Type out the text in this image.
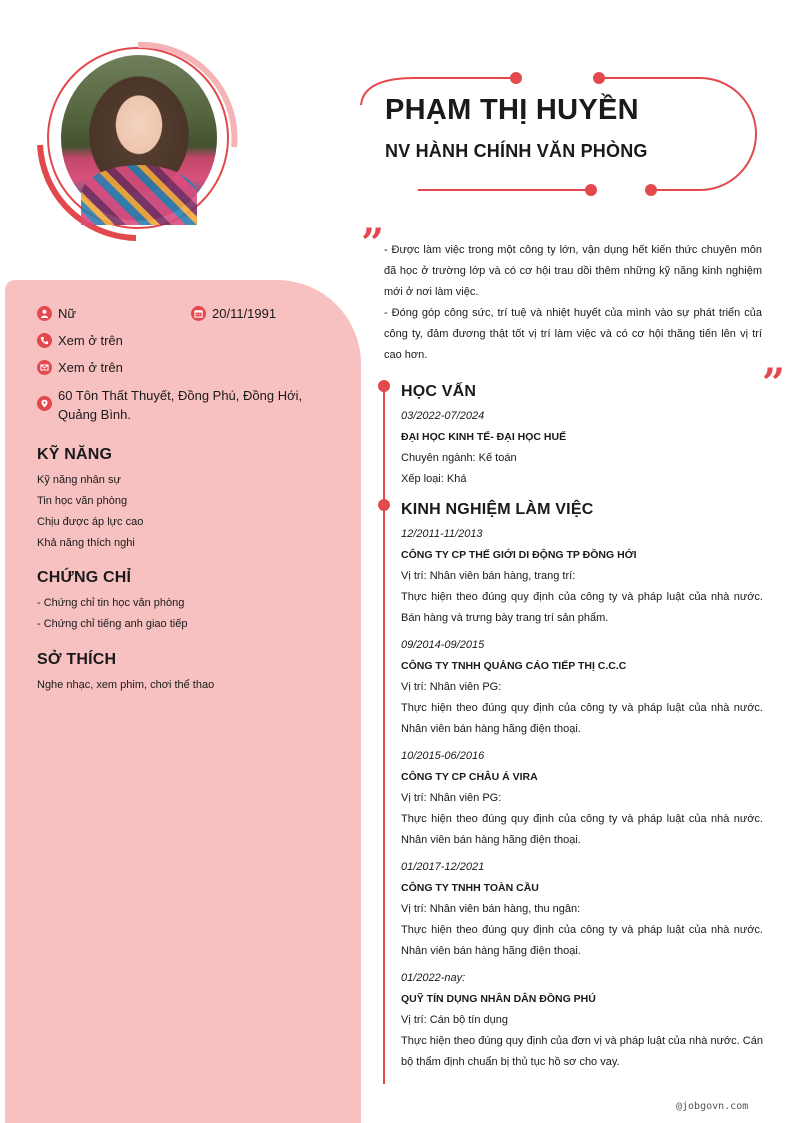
PHẠM THỊ HUYỀN
NV HÀNH CHÍNH VĂN PHÒNG
” - Được làm việc trong một công ty lớn, vận dụng hết kiến thức chuyên môn đã học ở trường lớp và có cơ hội trau dồi thêm những kỹ năng kinh nghiệm mới ở nơi làm việc.

- Đóng góp công sức, trí tuệ và nhiệt huyết của mình vào sự phát triển của công ty, đảm đương thật tốt vị trí làm việc và có cơ hội thăng tiến lên vị trí cao hơn.

”
Nữ	20/11/1991
Xem ở trên
Xem ở trên
60 Tôn Thất Thuyết, Đồng Phú, Đồng Hới, Quảng Bình.
KỸ NĂNG
Kỹ năng nhân sự
Tin học văn phòng
Chịu được áp lực cao
Khả năng thích nghi
CHỨNG CHỈ
- Chứng chỉ tin học văn phòng
- Chứng chỉ tiếng anh giao tiếp
SỞ THÍCH
Nghe nhạc, xem phim, chơi thể thao
HỌC VẤN
03/2022-07/2024
ĐẠI HỌC KINH TẾ- ĐẠI HỌC HUẾ
Chuyên ngành: Kế toán
Xếp loại: Khá
KINH NGHIỆM LÀM VIỆC
12/2011-11/2013
CÔNG TY CP THẾ GIỚI DI ĐỘNG TP ĐỒNG HỚI
Vị trí: Nhân viên bán hàng, trang trí:
Thực hiện theo đúng quy định của công ty và pháp luật của nhà nước. Bán hàng và trưng bày trang trí sản phẩm.
09/2014-09/2015
CÔNG TY TNHH QUẢNG CÁO TIẾP THỊ C.C.C
Vị trí: Nhân viên PG:
Thực hiện theo đúng quy định của công ty và pháp luật của nhà nước. Nhân viên bán hàng hãng điện thoại.
10/2015-06/2016
CÔNG TY CP CHÂU Á VIRA
Vị trí: Nhân viên PG:
Thực hiện theo đúng quy định của công ty và pháp luật của nhà nước. Nhân viên bán hàng hãng điện thoại.
01/2017-12/2021
CÔNG TY TNHH TOÀN CẦU
Vị trí: Nhân viên bán hàng, thu ngân:
Thực hiện theo đúng quy định của công ty và pháp luật của nhà nước. Nhân viên bán hàng hãng điện thoại.
01/2022-nay:
QUỸ TÍN DỤNG NHÂN DÂN ĐỒNG PHÚ
Vị trí: Cán bộ tín dụng
Thực hiện theo đúng quy định của đơn vị và pháp luật của nhà nước. Cán bộ thẩm định chuẩn bị thủ tục hồ sơ cho vay.
@jobgovn.com
